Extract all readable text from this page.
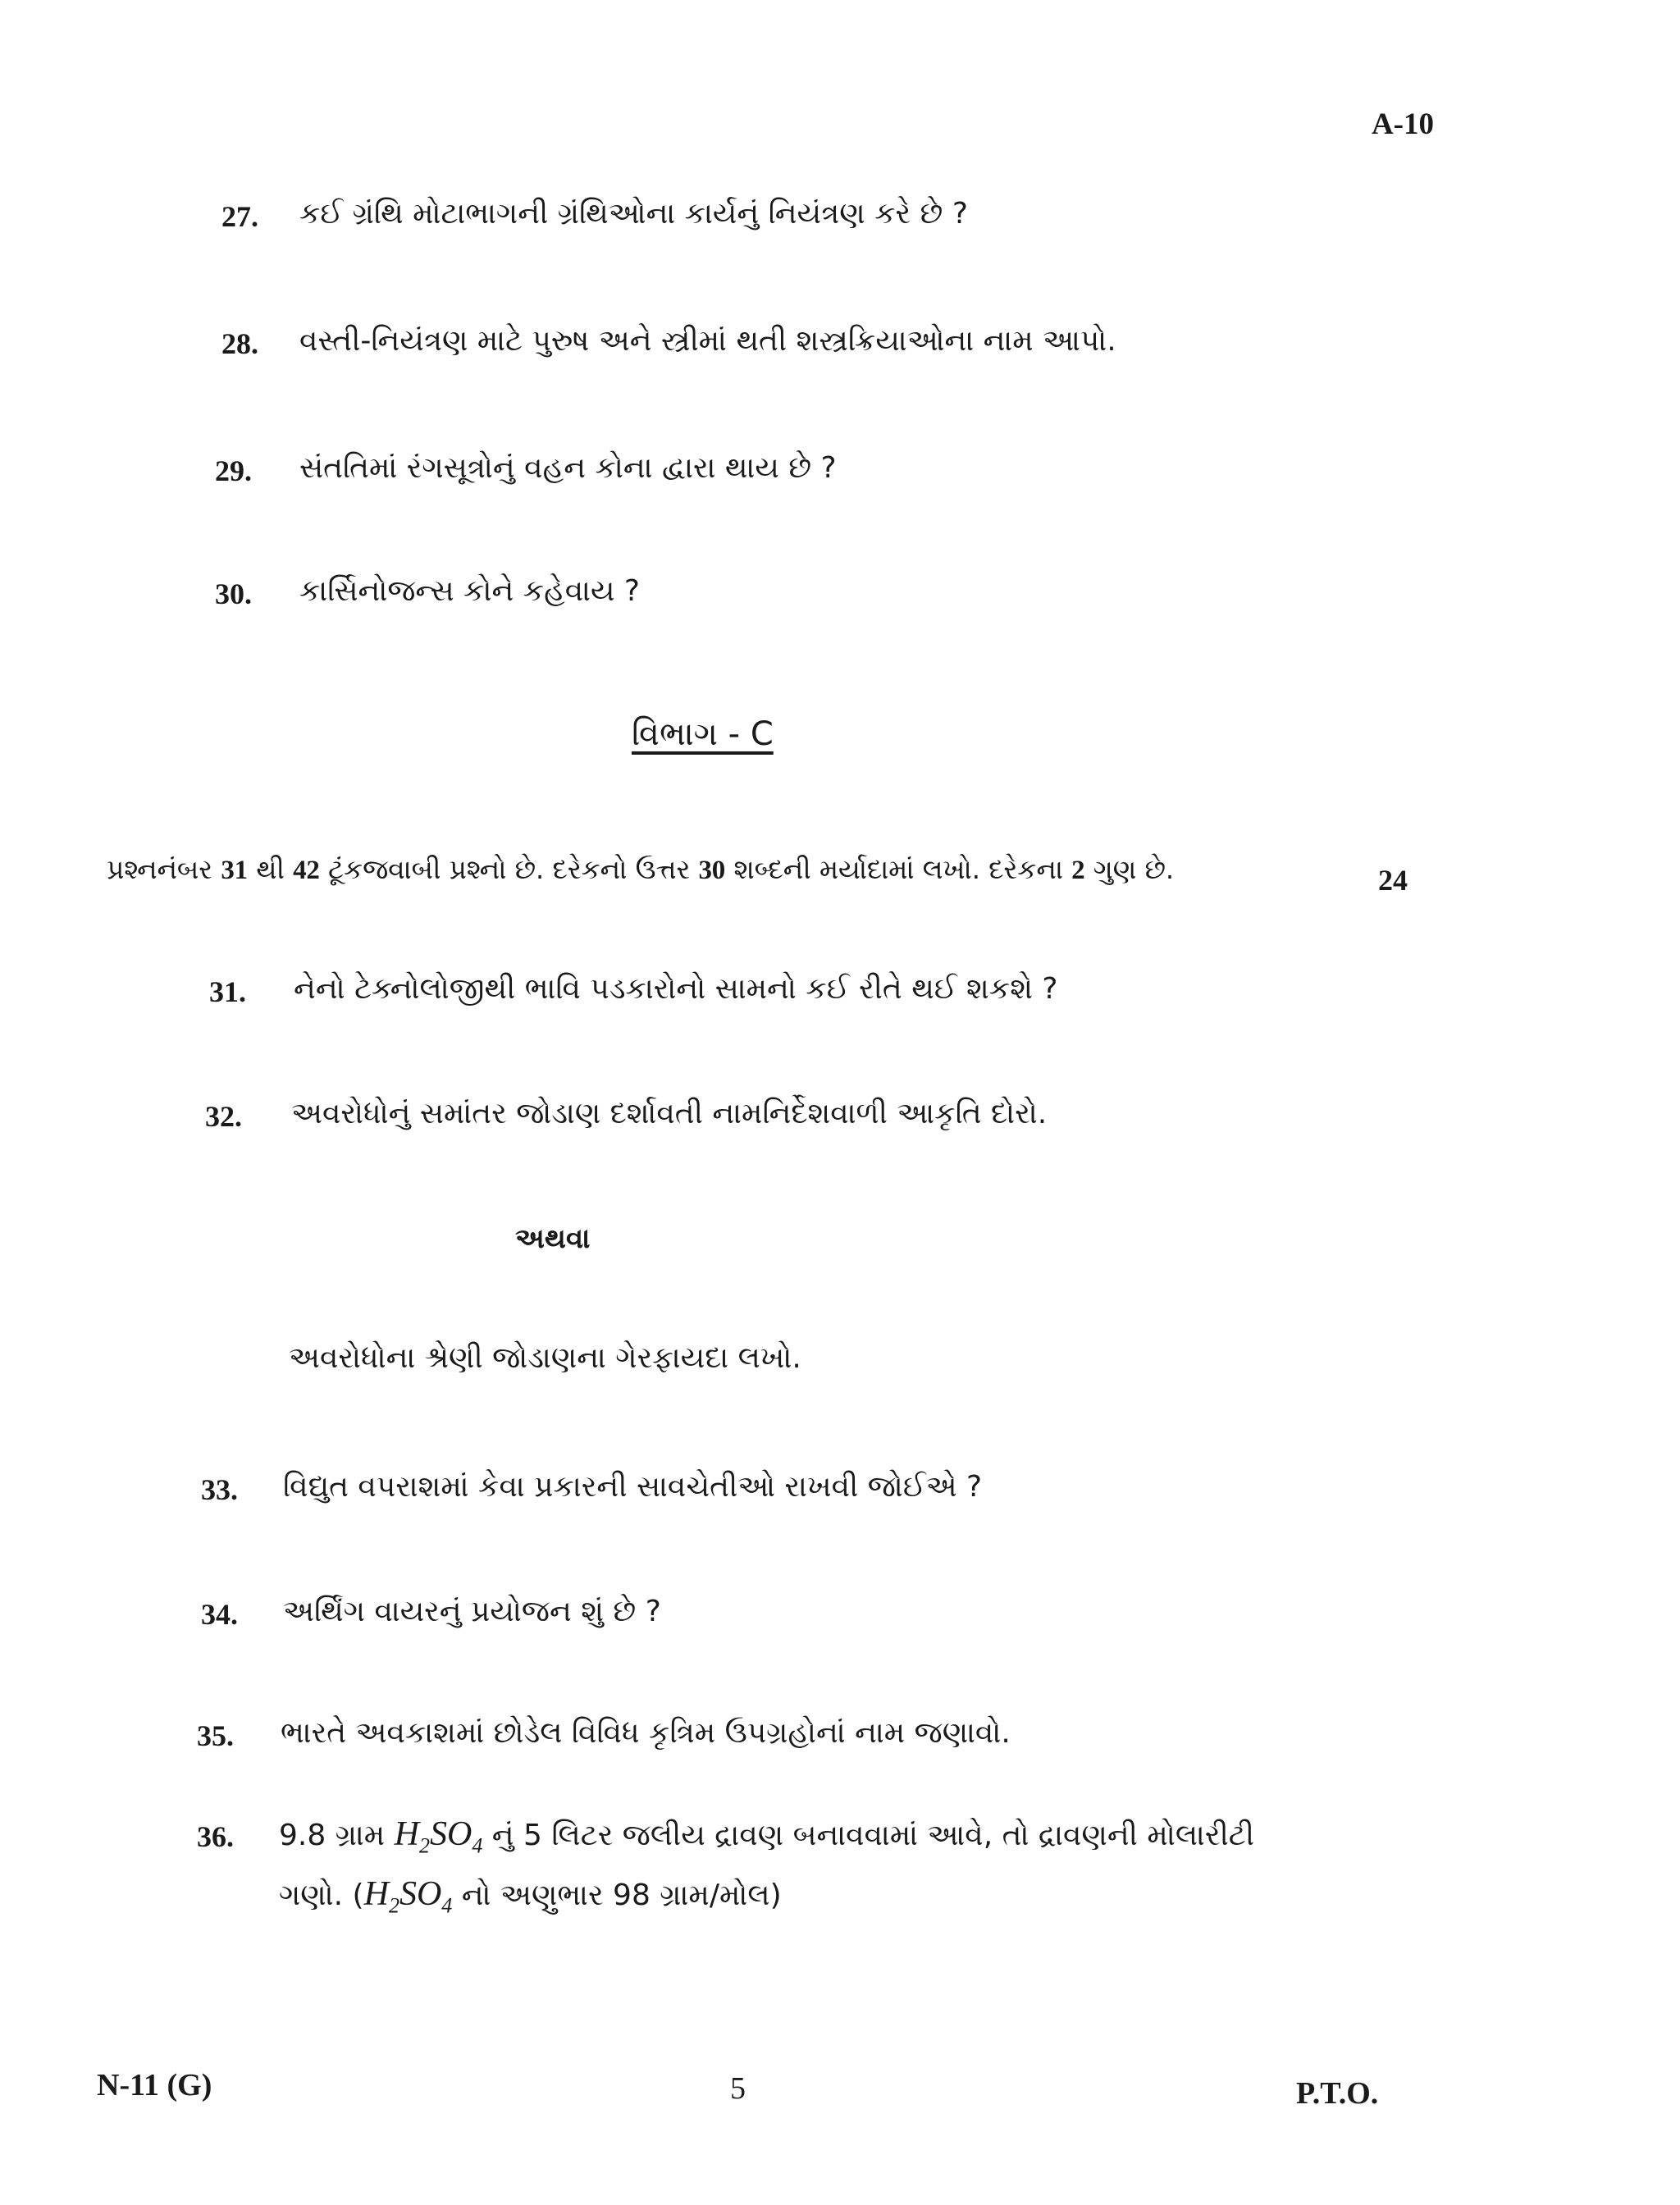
A-10
27. કઈ ગ્રંથિ મોટાભાગની ગ્રંથિઓના કાર્યનું નિયંત્રણ કરે છે ?
28. વસ્તી-નિયંત્રણ માટે પુરુષ અને સ્ત્રીમાં થતી શસ્ત્રક્રિયાઓના નામ આપો.
29. સંતતિમાં રંગસૂત્રોનું વહન કોના દ્વારા થાય છે ?
30. કાર્સિનોજન્સ કોને કહેવાય ?
વિભાગ - C
પ્રશ્નનંબર 31 થી 42 ટૂંકજવાબી પ્રશ્નો છે. દરેકનો ઉત્તર 30 શબ્દની મર્યાદામાં લખો. દરેકના 2 ગુણ છે.	24
31. નેનો ટેક્નોલોજીથી ભાવિ પડકારોનો સામનો કઈ રીતે થઈ શકશે ?
32. અવરોધોનું સમાંતર જોડાણ દર્શાવતી નામનિર્દેશવાળી આકૃતિ દોરો.
અથવા
અવરોધોના શ્રેણી જોડાણના ગેરફાયદા લખો.
33. વિદ્યુત વપરાશમાં કેવા પ્રકારની સાવચેતીઓ રાખવી જોઈએ ?
34. અર્થિંગ વાયરનું પ્રયોજન શું છે ?
35. ભારતે અવકાશમાં છોડેલ વિવિધ કૃત્રિમ ઉપગ્રહોનાં નામ જણાવો.
36. 9.8 ગ્રામ $H_2SO_4$ નું 5 લિટર જલીય દ્રાવણ બનાવવામાં આવે, તો દ્રાવણની મોલારીટી
ગણો. ($H_2SO_4$ નો અણુભાર 98 ગ્રામ/મોલ)
N-11 (G)	5	P.T.O.
